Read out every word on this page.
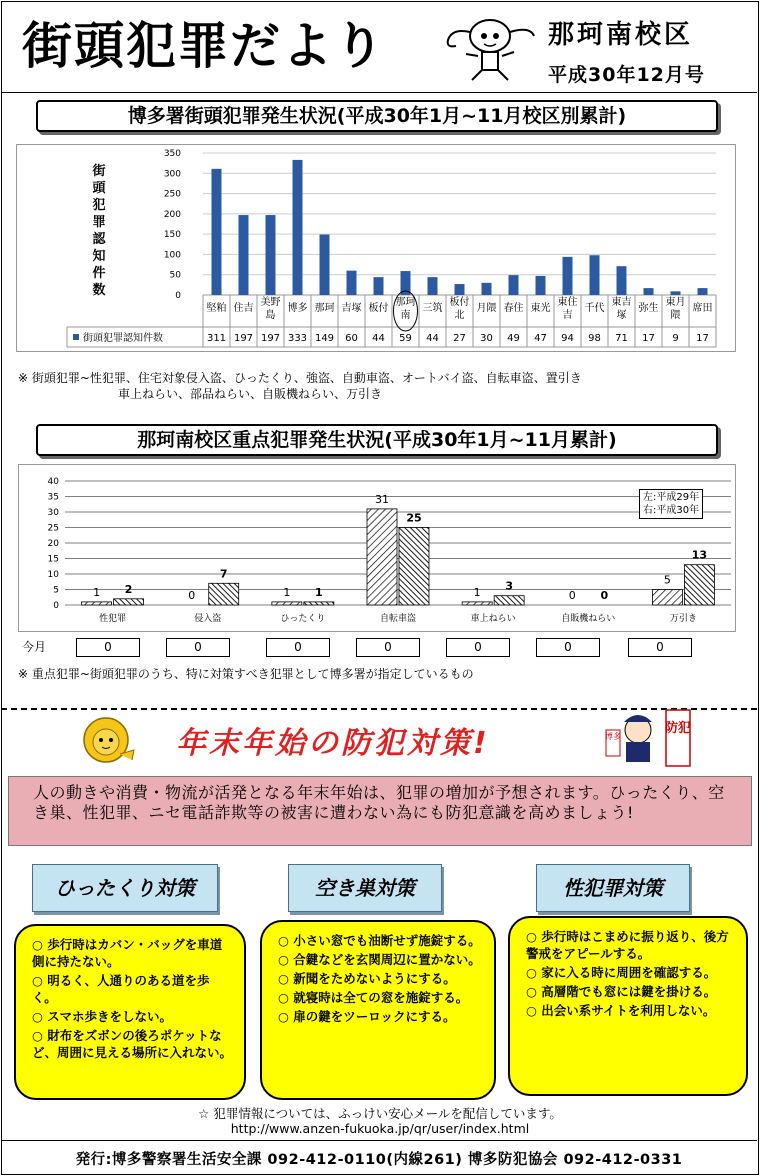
街頭犯罪だより	那珂南校区
平成30年12月号
博多署街頭犯罪発生状況(平成30年1月~11月校区別累計)
街
頭
犯
罪
認
知
件
数	0
50
100
150
200
250
300
350
街頭犯罪認知件数
堅粕
311
住吉
197
美野
島
197
博多
333
那珂
149
吉塚
60
板付
44
那珂
南
59
三筑
44
板付
北
27
月隈
30
春住
49
東光
47
東住
吉
94
千代
98
東吉
塚
71
弥生
17
東月
隈
9
席田
17
※ 街頭犯罪~性犯罪、住宅対象侵入盗、ひったくり、強盗、自動車盗、オートバイ盗、自転車盗、置引き
車上ねらい、部品ねらい、自販機ねらい、万引き
那珂南校区重点犯罪発生状況(平成30年1月~11月累計)
0
5
10
15
20
25
30
35
40
1 2
性犯罪
0
7
侵入盗
1 1
ひったくり
31
25
自転車盗
1 3
車上ねらい
0 0
自販機ねらい
5
13
万引き
左:平成29年
右:平成30年
今月	0	0	0	0	0	0	0
※ 重点犯罪~街頭犯罪のうち、特に対策すべき犯罪として博多署が指定しているもの
年末年始の防犯対策!	博多
防犯

人の動きや消費・物流が活発となる年末年始は、犯罪の増加が予想されます。ひったくり、空き巣、性犯罪、ニセ電話詐欺等の被害に遭わない為にも防犯意識を高めましょう!

ひったくり対策	空き巣対策	性犯罪対策
○ 歩行時はカバン・バッグを車道側に持たない。
○ 明るく、人通りのある道を歩く。
○ スマホ歩きをしない。
○ 財布をズボンの後ろポケットなど、周囲に見える場所に入れない。
○ 小さい窓でも油断せず施錠する。
○ 合鍵などを玄関周辺に置かない。
○ 新聞をためないようにする。
○ 就寝時は全ての窓を施錠する。
○ 扉の鍵をツーロックにする。
○ 歩行時はこまめに振り返り、後方警戒をアピールする。
○ 家に入る時に周囲を確認する。
○ 高層階でも窓には鍵を掛ける。
○ 出会い系サイトを利用しない。
☆ 犯罪情報については、ふっけい安心メールを配信しています。
http://www.anzen-fukuoka.jp/qr/user/index.html
発行:博多警察署生活安全課 092-412-0110(内線261) 博多防犯協会 092-412-0331
